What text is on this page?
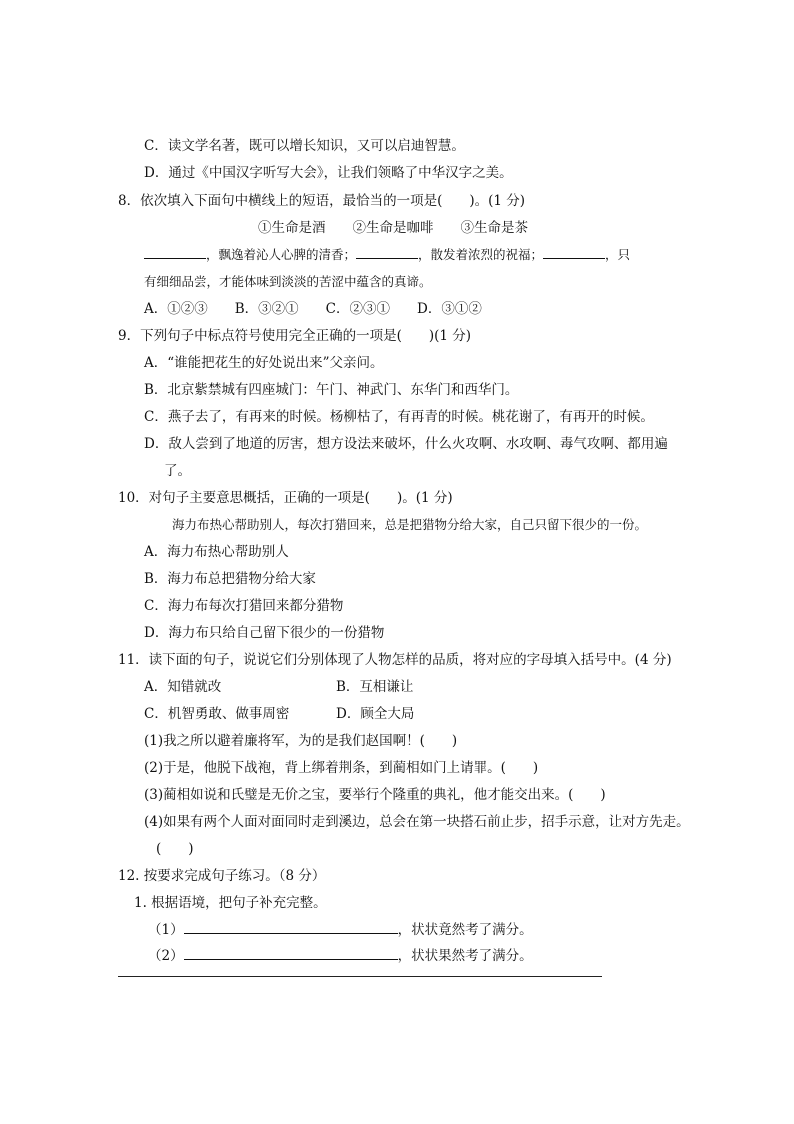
C．读文学名著，既可以增长知识，又可以启迪智慧。
D．通过《中国汉字听写大会》，让我们领略了中华汉字之美。
8．依次填入下面句中横线上的短语，最恰当的一项是(　　)。(1 分)
①生命是酒　　②生命是咖啡　　③生命是茶
，飘逸着沁人心脾的清香；	，散发着浓烈的祝福；	，只
有细细品尝，才能体味到淡淡的苦涩中蕴含的真谛。
A．①②③　　B．③②①　　C．②③①　　D．③①②
9．下列句子中标点符号使用完全正确的一项是(　　)(1 分)
A．“谁能把花生的好处说出来”父亲问。
B．北京紫禁城有四座城门：午门、神武门、东华门和西华门。
C．燕子去了，有再来的时候。杨柳枯了，有再青的时候。桃花谢了，有再开的时候。
D．敌人尝到了地道的厉害，想方设法来破坏，什么火攻啊、水攻啊、毒气攻啊、都用遍
了。
10．对句子主要意思概括，正确的一项是(　　)。(1 分)
海力布热心帮助别人，每次打猎回来，总是把猎物分给大家，自己只留下很少的一份。
A．海力布热心帮助别人
B．海力布总把猎物分给大家
C．海力布每次打猎回来都分猎物
D．海力布只给自己留下很少的一份猎物
11．读下面的句子，说说它们分别体现了人物怎样的品质，将对应的字母填入括号中。(4 分)
A．知错就改	B．互相谦让
C．机智勇敢、做事周密	D．顾全大局
(1)我之所以避着廉将军，为的是我们赵国啊！(　　)
(2)于是，他脱下战袍，背上绑着荆条，到蔺相如门上请罪。(　　)
(3)蔺相如说和氏璧是无价之宝，要举行个隆重的典礼，他才能交出来。(　　)
(4)如果有两个人面对面同时走到溪边，总会在第一块搭石前止步，招手示意，让对方先走。
(　　)
12. 按要求完成句子练习。（8 分）
1. 根据语境，把句子补充完整。
（1）	，状状竟然考了满分。
（2）	，状状果然考了满分。
